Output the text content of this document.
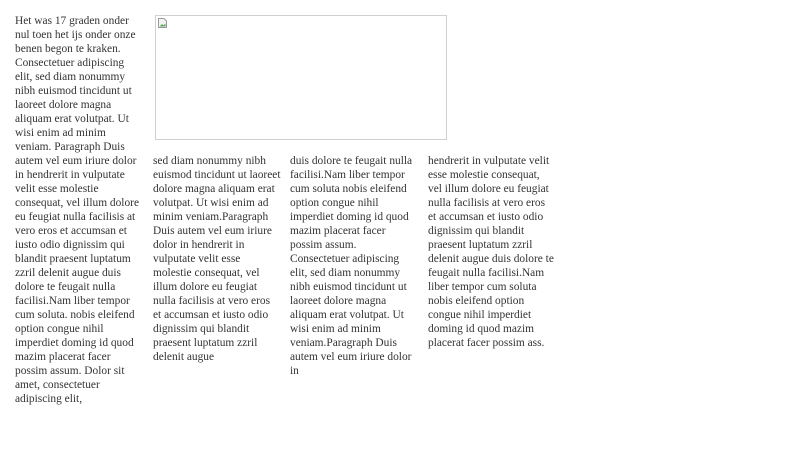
Het was 17 graden onder nul toen het ijs onder onze benen begon te kraken. Consectetuer adipiscing elit, sed diam nonummy nibh euismod tincidunt ut laoreet dolore magna aliquam erat volutpat. Ut wisi enim ad minim veniam. Paragraph Duis autem vel eum iriure dolor in hendrerit in vulputate velit esse molestie consequat, vel illum dolore eu feugiat nulla facilisis at vero eros et accumsan et iusto odio dignissim qui blandit praesent luptatum zzril delenit augue duis dolore te feugait nulla facilisi.Nam liber tempor cum soluta. nobis eleifend option congue nihil imperdiet doming id quod mazim placerat facer possim assum. Dolor sit amet, consectetuer adipiscing elit,

sed diam nonummy nibh euismod tincidunt ut laoreet dolore magna aliquam erat volutpat. Ut wisi enim ad minim veniam.Paragraph Duis autem vel eum iriure dolor in hendrerit in vulputate velit esse molestie consequat, vel illum dolore eu feugiat nulla facilisis at vero eros et accumsan et iusto odio dignissim qui blandit praesent luptatum zzril delenit augue

duis dolore te feugait nulla facilisi.Nam liber tempor cum soluta nobis eleifend option congue nihil imperdiet doming id quod mazim placerat facer possim assum. Consectetuer adipiscing elit, sed diam nonummy nibh euismod tincidunt ut laoreet dolore magna aliquam erat volutpat. Ut wisi enim ad minim veniam.Paragraph Duis autem vel eum iriure dolor in

hendrerit in vulputate velit esse molestie consequat, vel illum dolore eu feugiat nulla facilisis at vero eros et accumsan et iusto odio dignissim qui blandit praesent luptatum zzril delenit augue duis dolore te feugait nulla facilisi.Nam liber tempor cum soluta nobis eleifend option congue nihil imperdiet doming id quod mazim placerat facer possim ass.
